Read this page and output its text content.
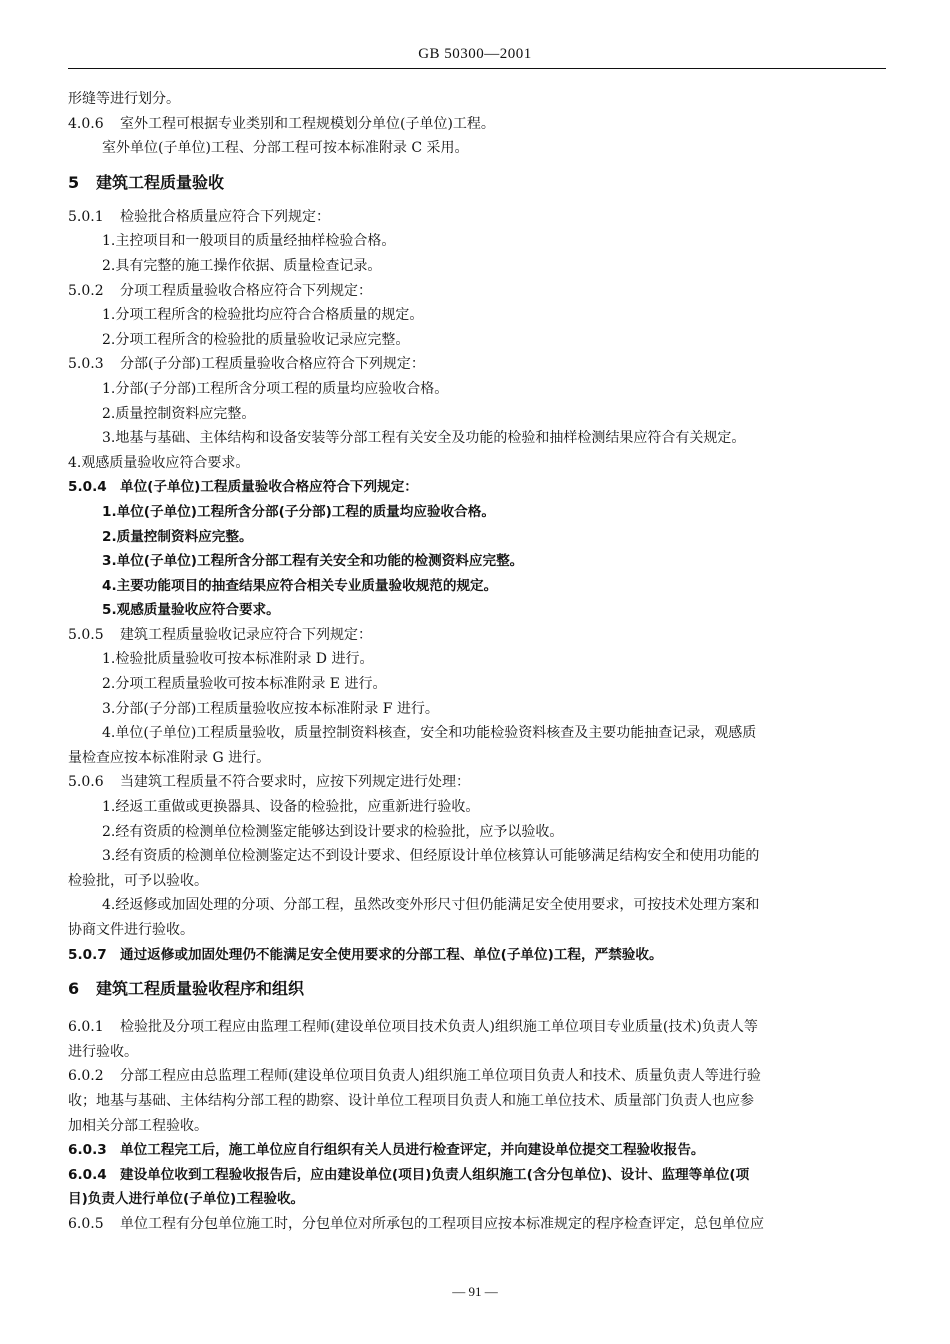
GB 50300—2001

形缝等进行划分。

4.0.6 室外工程可根据专业类别和工程规模划分单位(子单位)工程。

室外单位(子单位)工程、分部工程可按本标准附录 C 采用。

5 建筑工程质量验收

5.0.1 检验批合格质量应符合下列规定：

1.主控项目和一般项目的质量经抽样检验合格。

2.具有完整的施工操作依据、质量检查记录。

5.0.2 分项工程质量验收合格应符合下列规定：

1.分项工程所含的检验批均应符合合格质量的规定。

2.分项工程所含的检验批的质量验收记录应完整。

5.0.3 分部(子分部)工程质量验收合格应符合下列规定：

1.分部(子分部)工程所含分项工程的质量均应验收合格。

2.质量控制资料应完整。

3.地基与基础、主体结构和设备安装等分部工程有关安全及功能的检验和抽样检测结果应符合有关规定。

4.观感质量验收应符合要求。

5.0.4 单位(子单位)工程质量验收合格应符合下列规定：

1.单位(子单位)工程所含分部(子分部)工程的质量均应验收合格。

2.质量控制资料应完整。

3.单位(子单位)工程所含分部工程有关安全和功能的检测资料应完整。

4.主要功能项目的抽查结果应符合相关专业质量验收规范的规定。

5.观感质量验收应符合要求。

5.0.5 建筑工程质量验收记录应符合下列规定：

1.检验批质量验收可按本标准附录 D 进行。

2.分项工程质量验收可按本标准附录 E 进行。

3.分部(子分部)工程质量验收应按本标准附录 F 进行。

4.单位(子单位)工程质量验收，质量控制资料核查，安全和功能检验资料核查及主要功能抽查记录，观感质

量检查应按本标准附录 G 进行。

5.0.6 当建筑工程质量不符合要求时，应按下列规定进行处理：

1.经返工重做或更换器具、设备的检验批，应重新进行验收。

2.经有资质的检测单位检测鉴定能够达到设计要求的检验批，应予以验收。

3.经有资质的检测单位检测鉴定达不到设计要求、但经原设计单位核算认可能够满足结构安全和使用功能的

检验批，可予以验收。

4.经返修或加固处理的分项、分部工程，虽然改变外形尺寸但仍能满足安全使用要求，可按技术处理方案和

协商文件进行验收。

5.0.7 通过返修或加固处理仍不能满足安全使用要求的分部工程、单位(子单位)工程，严禁验收。

6 建筑工程质量验收程序和组织

6.0.1 检验批及分项工程应由监理工程师(建设单位项目技术负责人)组织施工单位项目专业质量(技术)负责人等

进行验收。

6.0.2 分部工程应由总监理工程师(建设单位项目负责人)组织施工单位项目负责人和技术、质量负责人等进行验

收；地基与基础、主体结构分部工程的勘察、设计单位工程项目负责人和施工单位技术、质量部门负责人也应参

加相关分部工程验收。

6.0.3 单位工程完工后，施工单位应自行组织有关人员进行检查评定，并向建设单位提交工程验收报告。

6.0.4 建设单位收到工程验收报告后，应由建设单位(项目)负责人组织施工(含分包单位)、设计、监理等单位(项

目)负责人进行单位(子单位)工程验收。

6.0.5 单位工程有分包单位施工时，分包单位对所承包的工程项目应按本标准规定的程序检查评定，总包单位应

— 91 —
